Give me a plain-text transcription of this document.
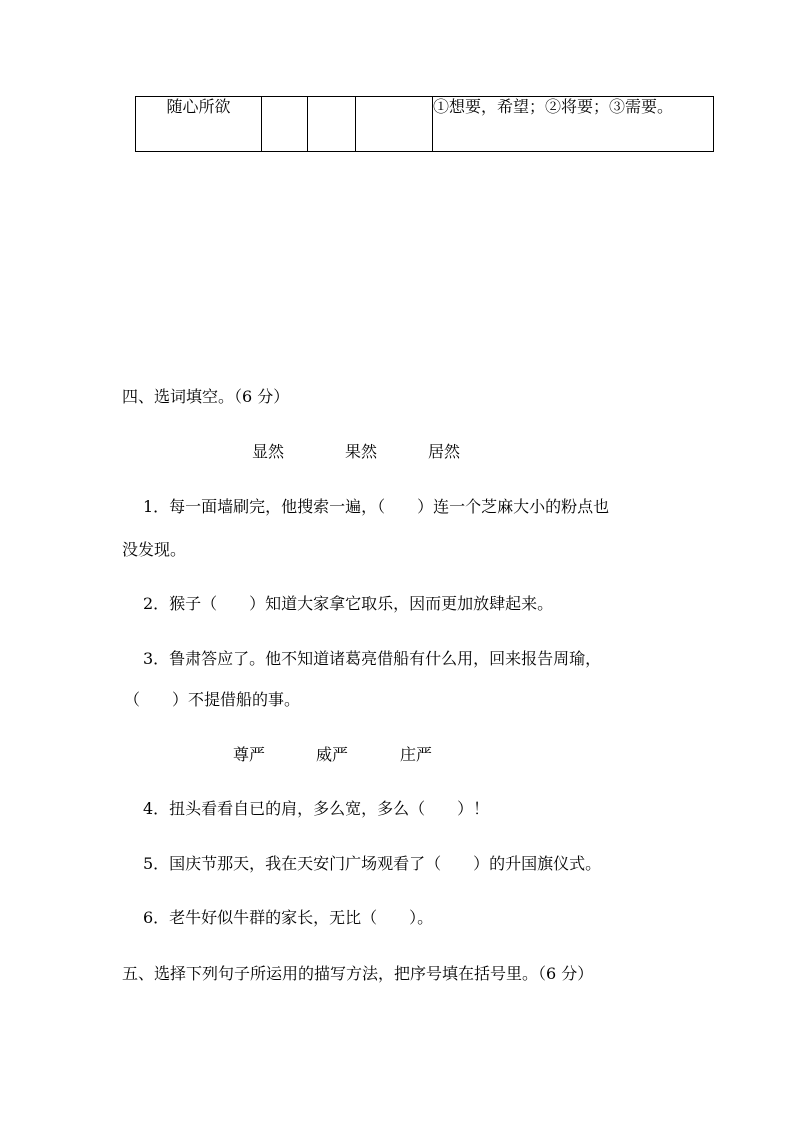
随心所欲				①想要，希望；②将要；③需要。
四、选词填空。（6 分）
显然	果然	居然
1．每一面墙刷完，他搜索一遍，（　　）连一个芝麻大小的粉点也
没发现。
2．猴子（　　）知道大家拿它取乐，因而更加放肆起来。
3．鲁肃答应了。他不知道诸葛亮借船有什么用，回来报告周瑜，
（　　）不提借船的事。
尊严	威严	庄严
4．扭头看看自已的肩，多么宽，多么（　　）！
5．国庆节那天，我在天安门广场观看了（　　）的升国旗仪式。
6．老牛好似牛群的家长，无比（　　）。
五、选择下列句子所运用的描写方法，把序号填在括号里。（6 分）
